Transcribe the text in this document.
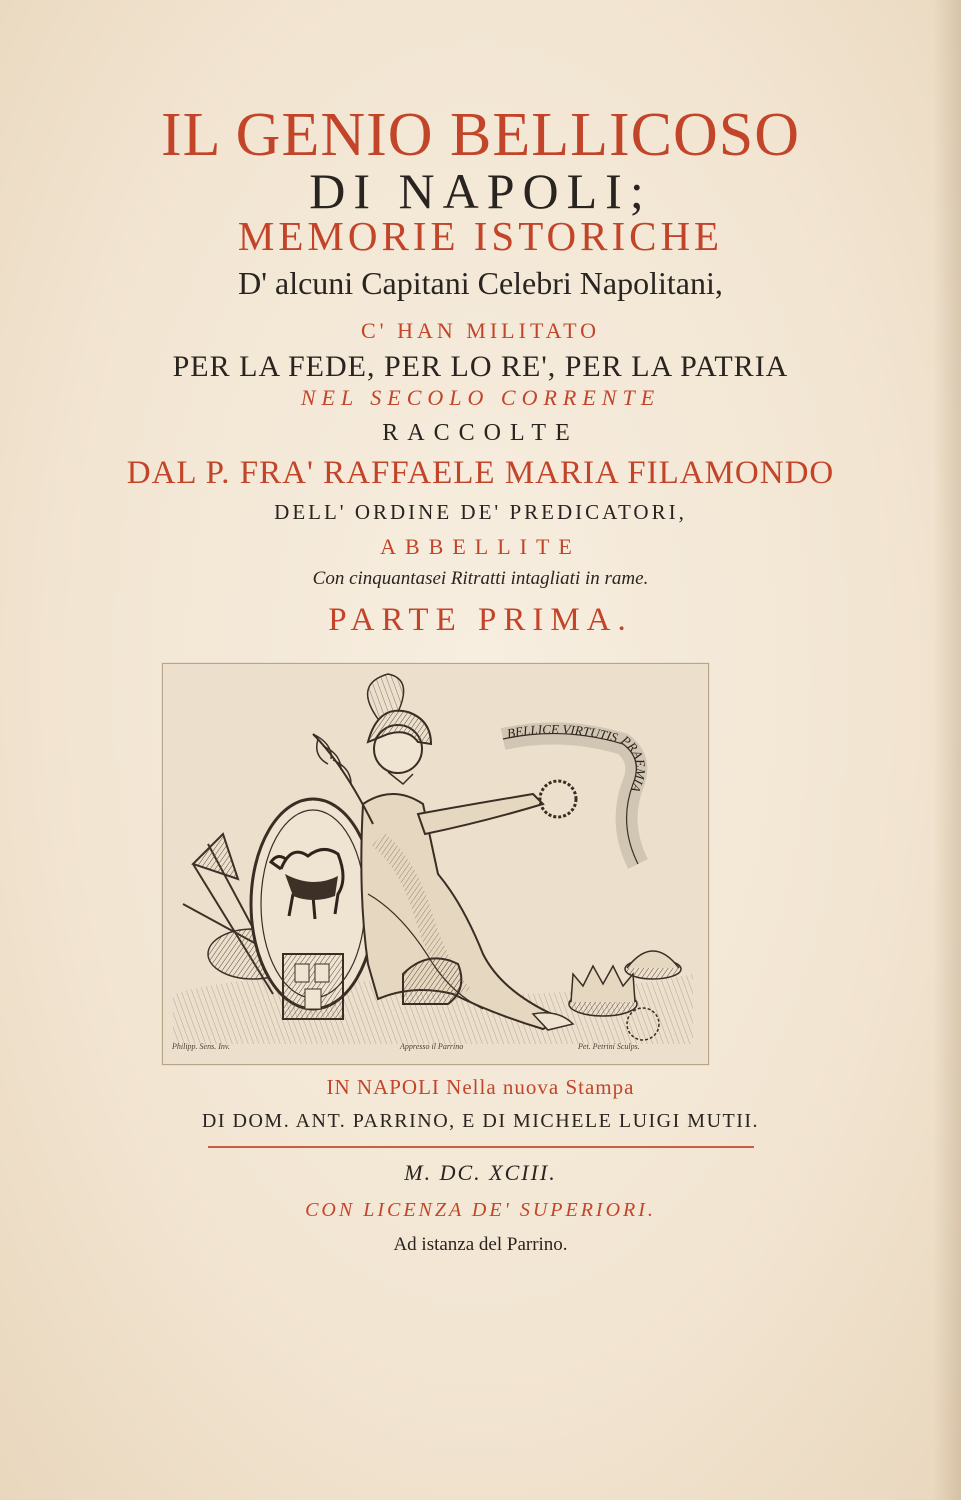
IL GENIO BELLICOSO

DI NAPOLI;

MEMORIE ISTORICHE

D' alcuni Capitani Celebri Napolitani,

C' HAN MILITATO

PER LA FEDE, PER LO RE', PER LA PATRIA

NEL SECOLO CORRENTE

RACCOLTE

DAL P. FRA' RAFFAELE MARIA FILAMONDO

DELL' ORDINE DE' PREDICATORI,

ABBELLITE

Con cinquantasei Ritratti intagliati in rame.

PARTE PRIMA.

BELLICE VIRTUTIS PRAEMIA
Philipp. Sens. Inv.	Appresso il Parrino	Pet. Petrini Sculps.

IN NAPOLI Nella nuova Stampa

DI DOM. ANT. PARRINO, E DI MICHELE LUIGI MUTII.

M. DC. XCIII.

CON LICENZA DE' SUPERIORI.

Ad istanza del Parrino.
